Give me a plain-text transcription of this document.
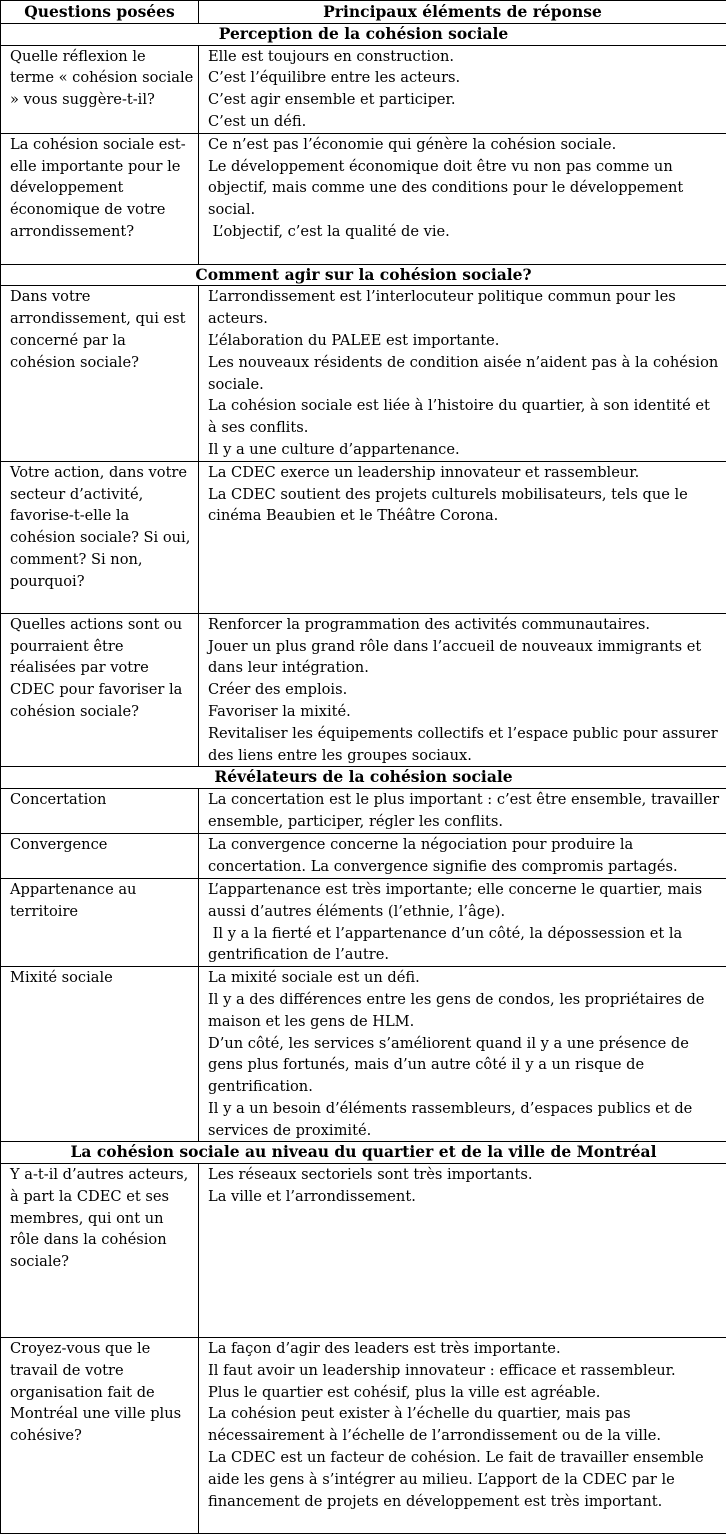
Questions posées	Principaux éléments de réponse
Perception de la cohésion sociale	
Quelle réflexion le terme « cohésion sociale » vous suggère-t-il?	Elle est toujours en construction.
C’est l’équilibre entre les acteurs.
C’est agir ensemble et participer.
C’est un défi.

La cohésion sociale est-elle importante pour le développement économique de votre arrondissement?	Ce n’est pas l’économie qui génère la cohésion sociale.
Le développement économique doit être vu non pas comme un objectif, mais comme une des conditions pour le développement social.
L’objectif, c’est la qualité de vie.

Comment agir sur la cohésion sociale?	
Dans votre arrondissement, qui est concerné par la cohésion sociale?	L’arrondissement est l’interlocuteur politique commun pour les acteurs.
L’élaboration du PALEE est importante.
Les nouveaux résidents de condition aisée n’aident pas à la cohésion sociale.
La cohésion sociale est liée à l’histoire du quartier, à son identité et à ses conflits.
Il y a une culture d’appartenance.

Votre action, dans votre secteur d’activité, favorise-t-elle la cohésion sociale? Si oui, comment? Si non, pourquoi?	La CDEC exerce un leadership innovateur et rassembleur.
La CDEC soutient des projets culturels mobilisateurs, tels que le cinéma Beaubien et le Théâtre Corona.

Quelles actions sont ou pourraient être réalisées par votre CDEC pour favoriser la cohésion sociale?	Renforcer la programmation des activités communautaires.
Jouer un plus grand rôle dans l’accueil de nouveaux immigrants et dans leur intégration.
Créer des emplois.
Favoriser la mixité.
Revitaliser les équipements collectifs et l’espace public pour assurer des liens entre les groupes sociaux.

Révélateurs de la cohésion sociale	
Concertation	La concertation est le plus important : c’est être ensemble, travailler ensemble, participer, régler les conflits.

Convergence	La convergence concerne la négociation pour produire la concertation. La convergence signifie des compromis partagés.

Appartenance au territoire	L’appartenance est très importante; elle concerne le quartier, mais aussi d’autres éléments (l’ethnie, l’âge).
Il y a la fierté et l’appartenance d’un côté, la dépossession et la gentrification de l’autre.

Mixité sociale	La mixité sociale est un défi.
Il y a des différences entre les gens de condos, les propriétaires de maison et les gens de HLM.
D’un côté, les services s’améliorent quand il y a une présence de gens plus fortunés, mais d’un autre côté il y a un risque de gentrification.
Il y a un besoin d’éléments rassembleurs, d’espaces publics et de services de proximité.

La cohésion sociale au niveau du quartier et de la ville de Montréal	
Y a-t-il d’autres acteurs, à part la CDEC et ses membres, qui ont un rôle dans la cohésion sociale?	Les réseaux sectoriels sont très importants.
La ville et l’arrondissement.

Croyez-vous que le travail de votre organisation fait de Montréal une ville plus cohésive?	La façon d’agir des leaders est très importante.
Il faut avoir un leadership innovateur : efficace et rassembleur.
Plus le quartier est cohésif, plus la ville est agréable.
La cohésion peut exister à l’échelle du quartier, mais pas nécessairement à l’échelle de l’arrondissement ou de la ville.
La CDEC est un facteur de cohésion. Le fait de travailler ensemble aide les gens à s’intégrer au milieu. L’apport de la CDEC par le financement de projets en développement est très important.
